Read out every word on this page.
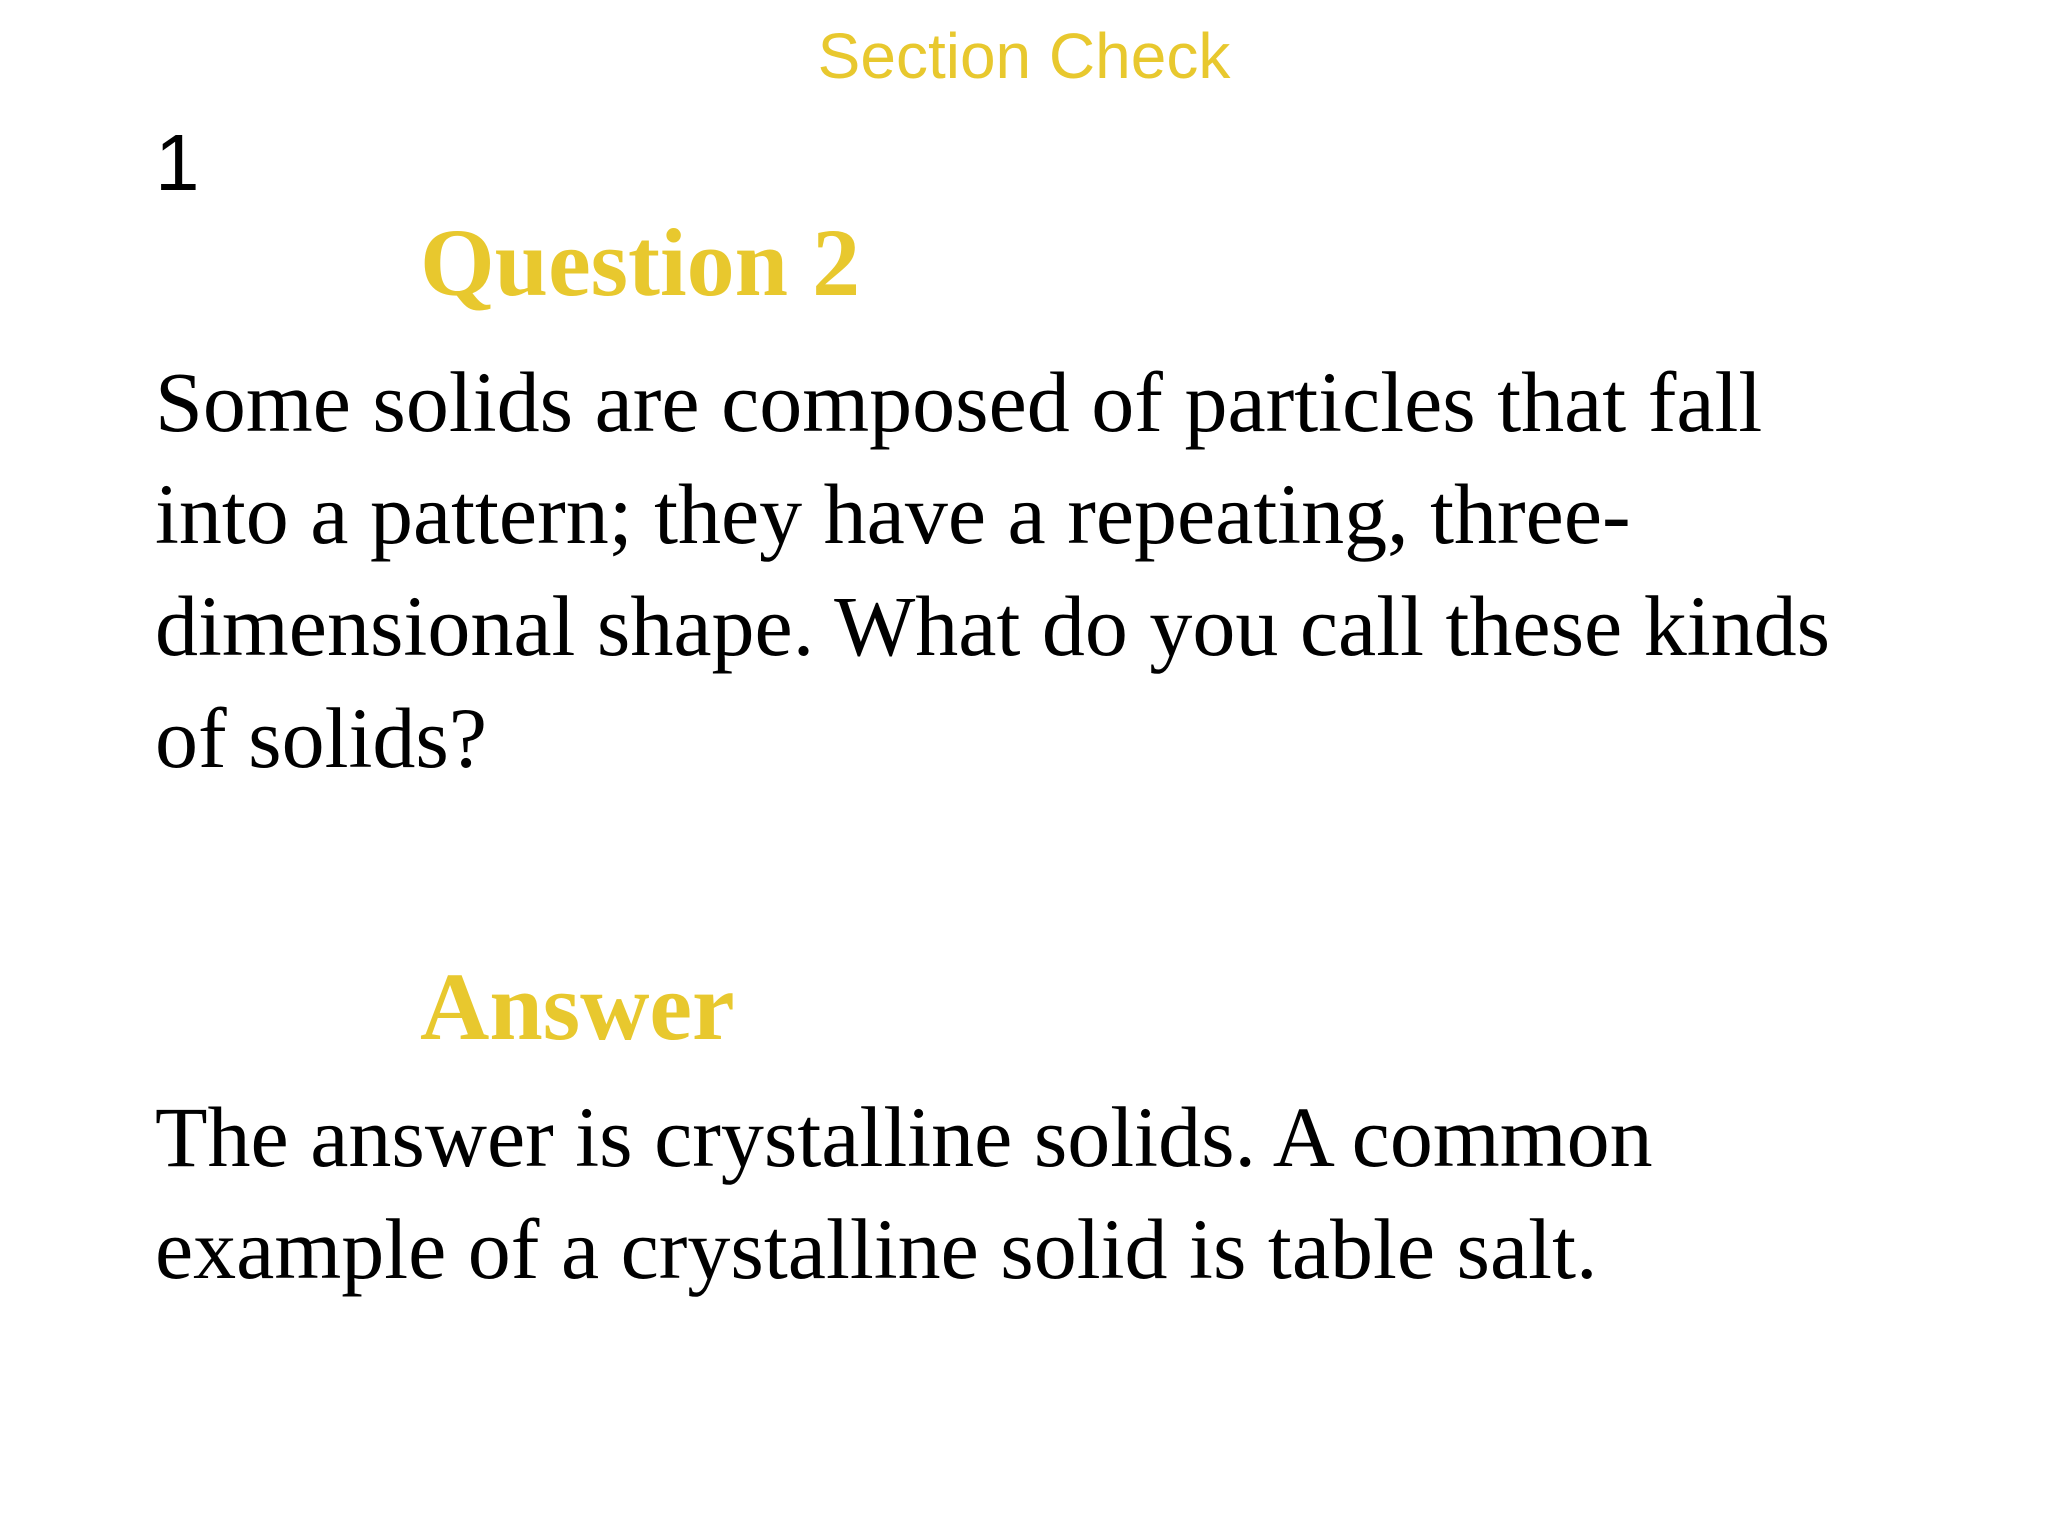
Section Check
1
Question 2

Some solids are composed of particles that fall into a pattern; they have a repeating, three-dimensional shape. What do you call these kinds of solids?

Answer

The answer is crystalline solids. A common example of a crystalline solid is table salt.
